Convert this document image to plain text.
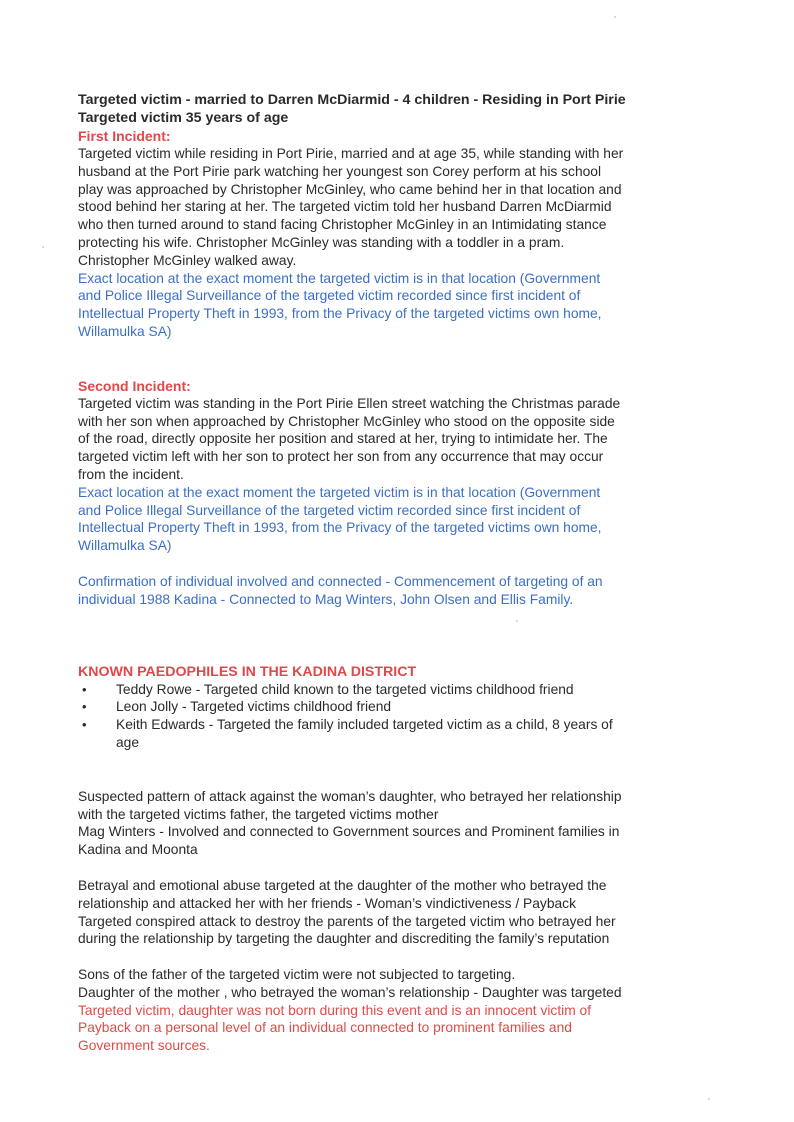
Targeted victim - married to Darren McDiarmid - 4 children - Residing in Port Pirie
Targeted victim 35 years of age
First Incident:
Targeted victim while residing in Port Pirie, married and at age 35, while standing with her
husband at the Port Pirie park watching her youngest son Corey perform at his school
play was approached by Christopher McGinley, who came behind her in that location and
stood behind her staring at her. The targeted victim told her husband Darren McDiarmid
who then turned around to stand facing Christopher McGinley in an Intimidating stance
protecting his wife. Christopher McGinley was standing with a toddler in a pram.
Christopher McGinley walked away.
Exact location at the exact moment the targeted victim is in that location (Government
and Police Illegal Surveillance of the targeted victim recorded since first incident of
Intellectual Property Theft in 1993, from the Privacy of the targeted victims own home,
Willamulka SA)
Second Incident:
Targeted victim was standing in the Port Pirie Ellen street watching the Christmas parade
with her son when approached by Christopher McGinley who stood on the opposite side
of the road, directly opposite her position and stared at her, trying to intimidate her. The
targeted victim left with her son to protect her son from any occurrence that may occur
from the incident.
Exact location at the exact moment the targeted victim is in that location (Government
and Police Illegal Surveillance of the targeted victim recorded since first incident of
Intellectual Property Theft in 1993, from the Privacy of the targeted victims own home,
Willamulka SA)
Confirmation of individual involved and connected - Commencement of targeting of an
individual 1988 Kadina - Connected to Mag Winters, John Olsen and Ellis Family.
KNOWN PAEDOPHILES IN THE KADINA DISTRICT
• Teddy Rowe - Targeted child known to the targeted victims childhood friend
• Leon Jolly - Targeted victims childhood friend
• Keith Edwards - Targeted the family included targeted victim as a child, 8 years of
age
Suspected pattern of attack against the woman’s daughter, who betrayed her relationship
with the targeted victims father, the targeted victims mother
Mag Winters - Involved and connected to Government sources and Prominent families in
Kadina and Moonta
Betrayal and emotional abuse targeted at the daughter of the mother who betrayed the
relationship and attacked her with her friends - Woman’s vindictiveness / Payback
Targeted conspired attack to destroy the parents of the targeted victim who betrayed her
during the relationship by targeting the daughter and discrediting the family’s reputation
Sons of the father of the targeted victim were not subjected to targeting.
Daughter of the mother , who betrayed the woman’s relationship - Daughter was targeted
Targeted victim, daughter was not born during this event and is an innocent victim of
Payback on a personal level of an individual connected to prominent families and
Government sources.
